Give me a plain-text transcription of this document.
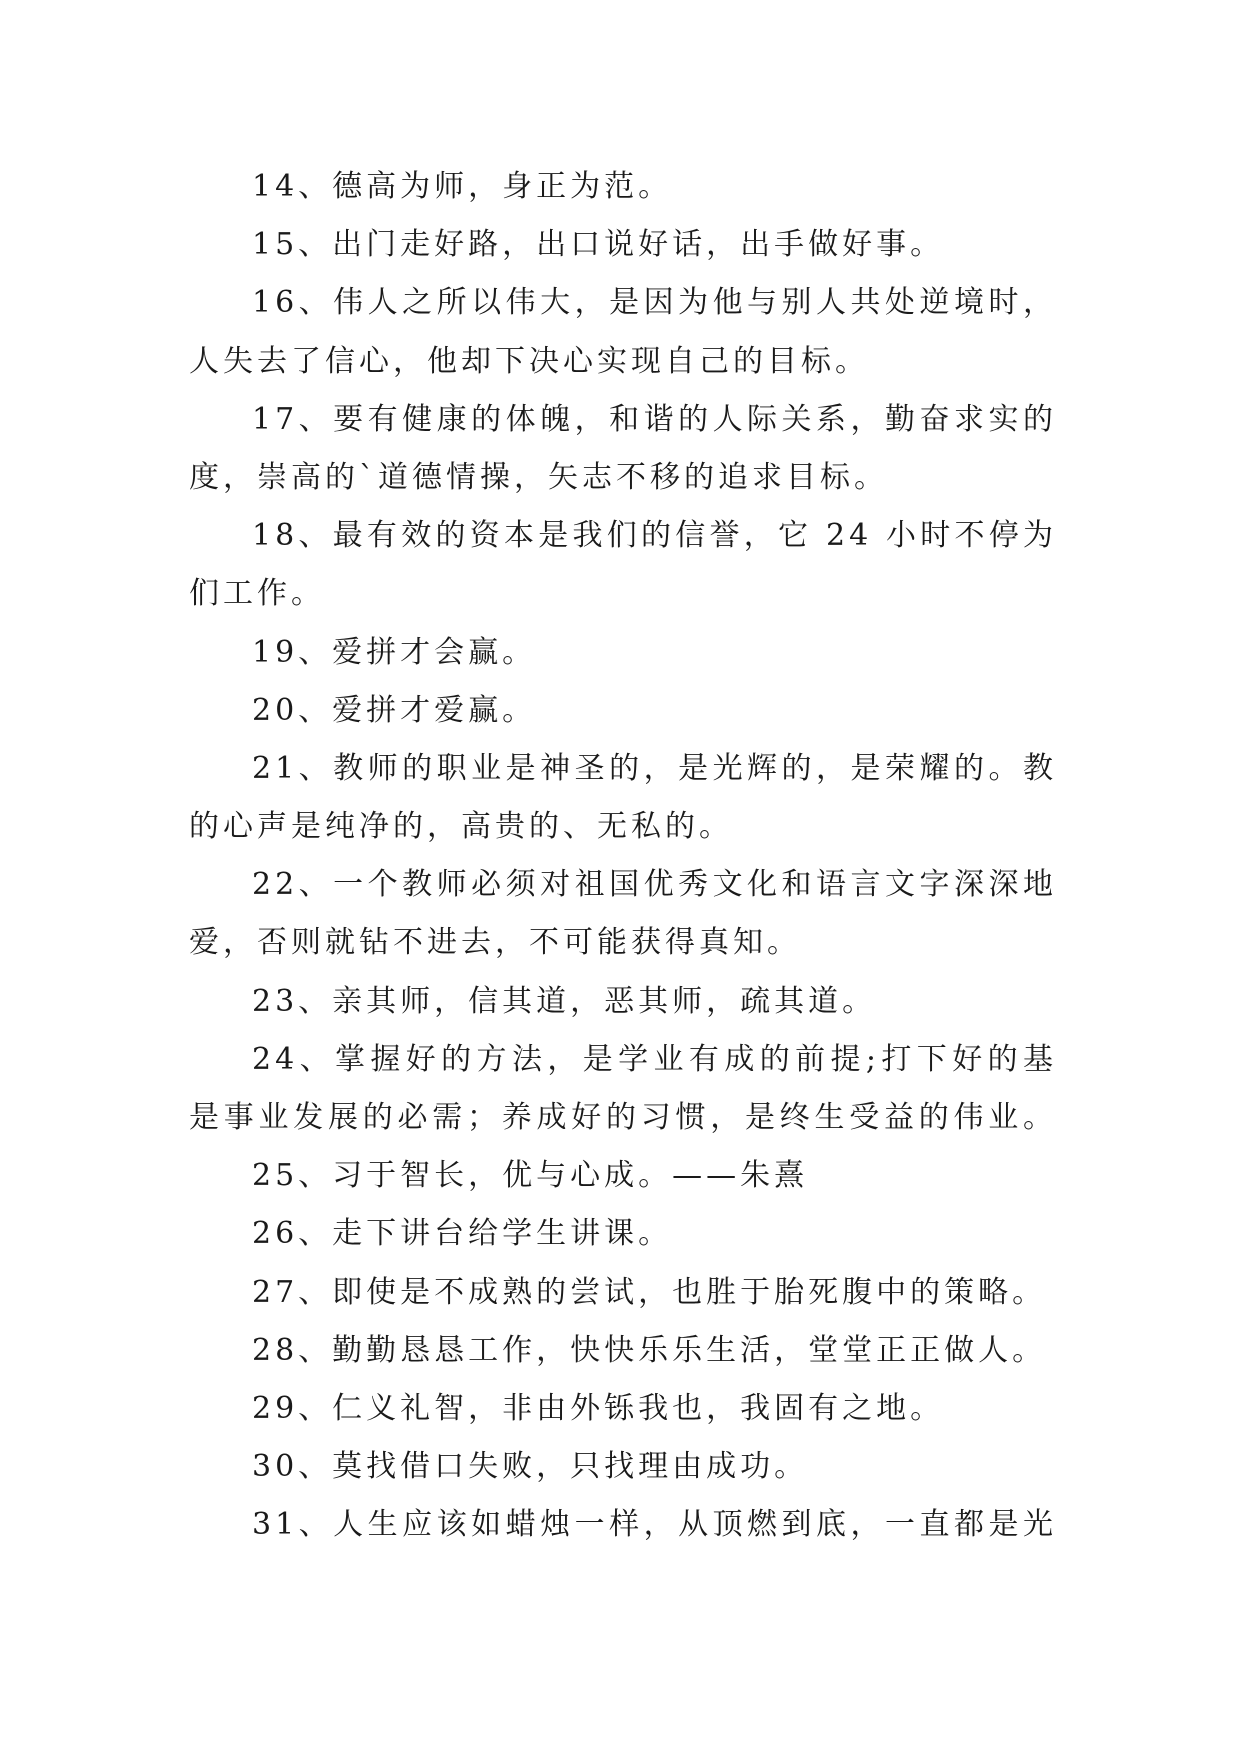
14、德高为师，身正为范。
15、出门走好路，出口说好话，出手做好事。
16、伟人之所以伟大，是因为他与别人共处逆境时，
人失去了信心，他却下决心实现自己的目标。
17、要有健康的体魄，和谐的人际关系，勤奋求实的
度，崇高的`道德情操，矢志不移的追求目标。
18、最有效的资本是我们的信誉，它 24 小时不停为
们工作。
19、爱拼才会赢。
20、爱拼才爱赢。
21、教师的职业是神圣的，是光辉的，是荣耀的。教
的心声是纯净的，高贵的、无私的。
22、一个教师必须对祖国优秀文化和语言文字深深地
爱，否则就钻不进去，不可能获得真知。
23、亲其师，信其道，恶其师，疏其道。
24、掌握好的方法，是学业有成的前提;打下好的基
是事业发展的必需；养成好的习惯，是终生受益的伟业。
25、习于智长，优与心成。——朱熹
26、走下讲台给学生讲课。
27、即使是不成熟的尝试，也胜于胎死腹中的策略。
28、勤勤恳恳工作，快快乐乐生活，堂堂正正做人。
29、仁义礼智，非由外铄我也，我固有之地。
30、莫找借口失败，只找理由成功。
31、人生应该如蜡烛一样，从顶燃到底，一直都是光
